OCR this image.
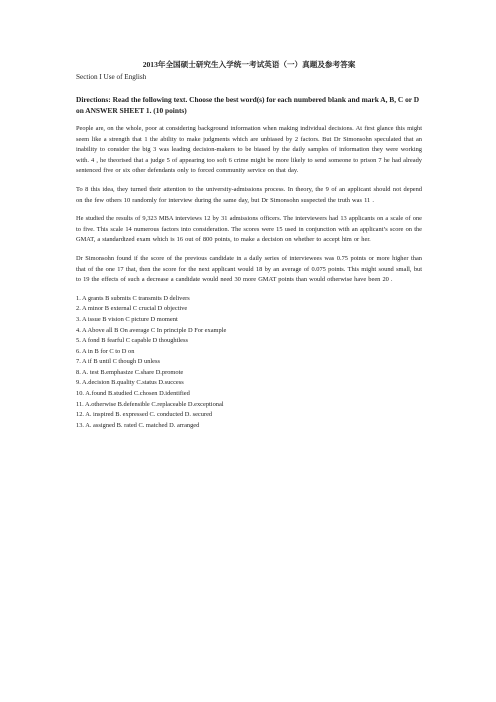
2013年全国硕士研究生入学统一考试英语（一）真题及参考答案
Section I Use of English
Directions: Read the following text. Choose the best word(s) for each numbered blank and mark A, B, C or D on ANSWER SHEET 1. (10 points)
People are, on the whole, poor at considering background information when making individual decisions. At first glance this might seem like a strength that 1 the ability to make judgments which are unbiased by 2 factors. But Dr Simonsohn speculated that an inability to consider the big 3 was leading decision-makers to be biased by the daily samples of information they were working with. 4 , he theorised that a judge 5 of appearing too soft 6 crime might be more likely to send someone to prison 7 he had already sentenced five or six other defendants only to forced community service on that day.
To 8 this idea, they turned their attention to the university-admissions process. In theory, the 9 of an applicant should not depend on the few others 10 randomly for interview during the same day, but Dr Simonsohn suspected the truth was 11 .
He studied the results of 9,323 MBA interviews 12 by 31 admissions officers. The interviewers had 13 applicants on a scale of one to five. This scale 14 numerous factors into consideration. The scores were 15 used in conjunction with an applicant’s score on the GMAT, a standardized exam which is 16 out of 800 points, to make a decision on whether to accept him or her.
Dr Simonsohn found if the score of the previous candidate in a daily series of interviewees was 0.75 points or more higher than that of the one 17 that, then the score for the next applicant would 18 by an average of 0.075 points. This might sound small, but to 19 the effects of such a decrease a candidate would need 30 more GMAT points than would otherwise have been 20 .
1. A grants B submits C transmits D delivers
2. A minor B external C crucial D objective
3. A issue B vision C picture D moment
4. A Above all B On average C In principle D For example
5. A fond B fearful C capable D thoughtless
6. A in B for C to D on
7. A if B until C though D unless
8. A. test B.emphasize C.share D.promote
9. A.decision B.quality C.status D.success
10. A.found B.studied C.chosen D.identified
11. A.otherwise B.defensible C.replaceable D.exceptional
12. A. inspired B. expressed C. conducted D. secured
13. A. assigned B. rated C. matched D. arranged
